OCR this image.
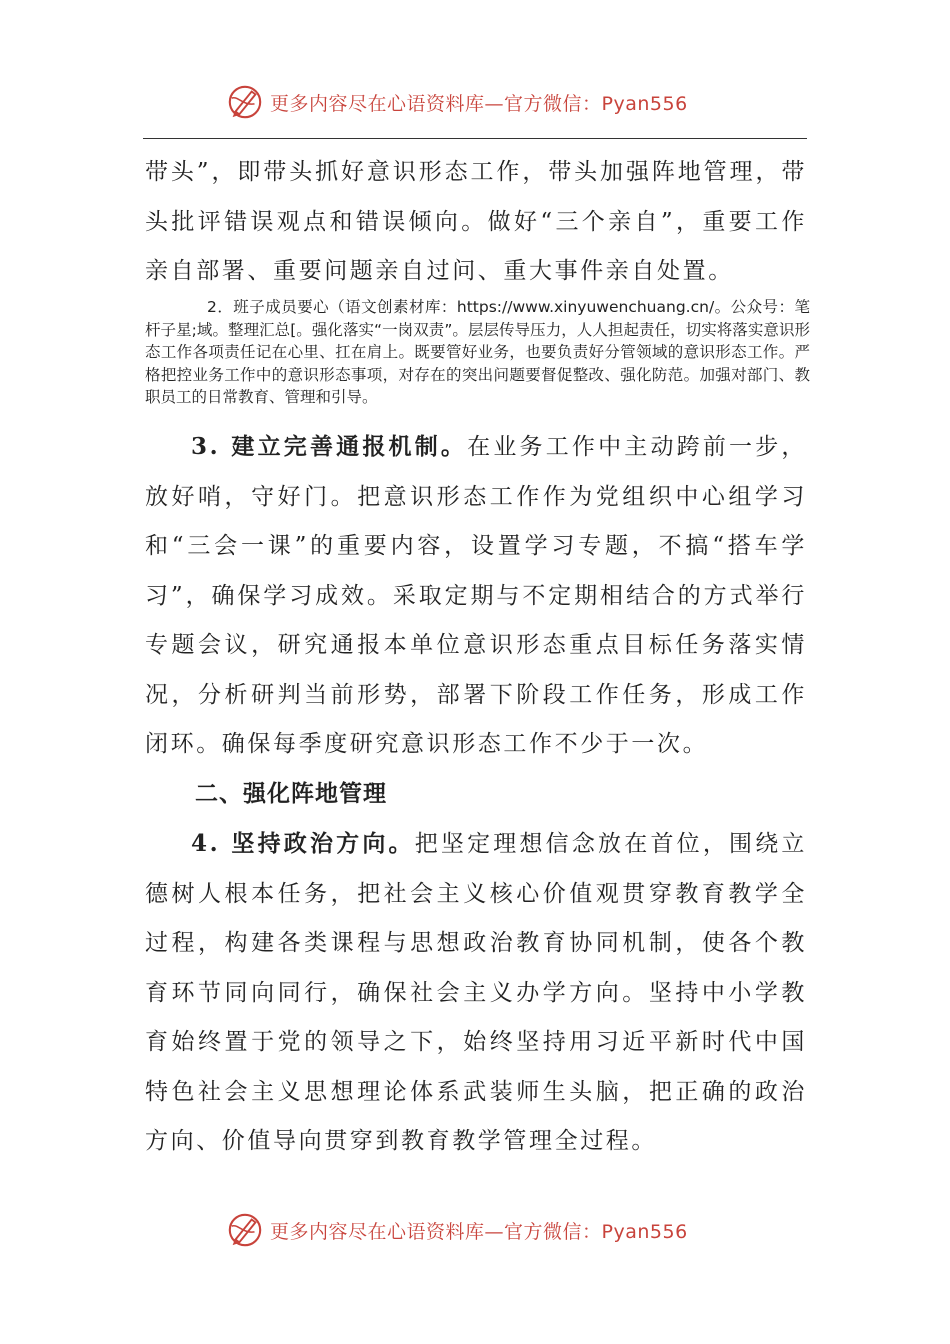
更多内容尽在心语资料库—官方微信：Pyan556

带头”，即带头抓好意识形态工作，带头加强阵地管理，带头批评错误观点和错误倾向。做好“三个亲自”，重要工作亲自部署、重要问题亲自过问、重大事件亲自处置。

2．班子成员要心（语文创素材库：https://www.xinyuwenchuang.cn/。公众号：笔杆子星;域。整理汇总[。强化落实“一岗双责”。层层传导压力，人人担起责任，切实将落实意识形态工作各项责任记在心里、扛在肩上。既要管好业务，也要负责好分管领域的意识形态工作。严格把控业务工作中的意识形态事项，对存在的突出问题要督促整改、强化防范。加强对部门、教职员工的日常教育、管理和引导。

3. 建立完善通报机制。在业务工作中主动跨前一步，放好哨，守好门。把意识形态工作作为党组织中心组学习和“三会一课”的重要内容，设置学习专题，不搞“搭车学习”，确保学习成效。采取定期与不定期相结合的方式举行专题会议，研究通报本单位意识形态重点目标任务落实情况，分析研判当前形势，部署下阶段工作任务，形成工作闭环。确保每季度研究意识形态工作不少于一次。

二、强化阵地管理

4. 坚持政治方向。把坚定理想信念放在首位，围绕立德树人根本任务，把社会主义核心价值观贯穿教育教学全过程，构建各类课程与思想政治教育协同机制，使各个教育环节同向同行，确保社会主义办学方向。坚持中小学教育始终置于党的领导之下，始终坚持用习近平新时代中国特色社会主义思想理论体系武装师生头脑，把正确的政治方向、价值导向贯穿到教育教学管理全过程。

更多内容尽在心语资料库—官方微信：Pyan556
